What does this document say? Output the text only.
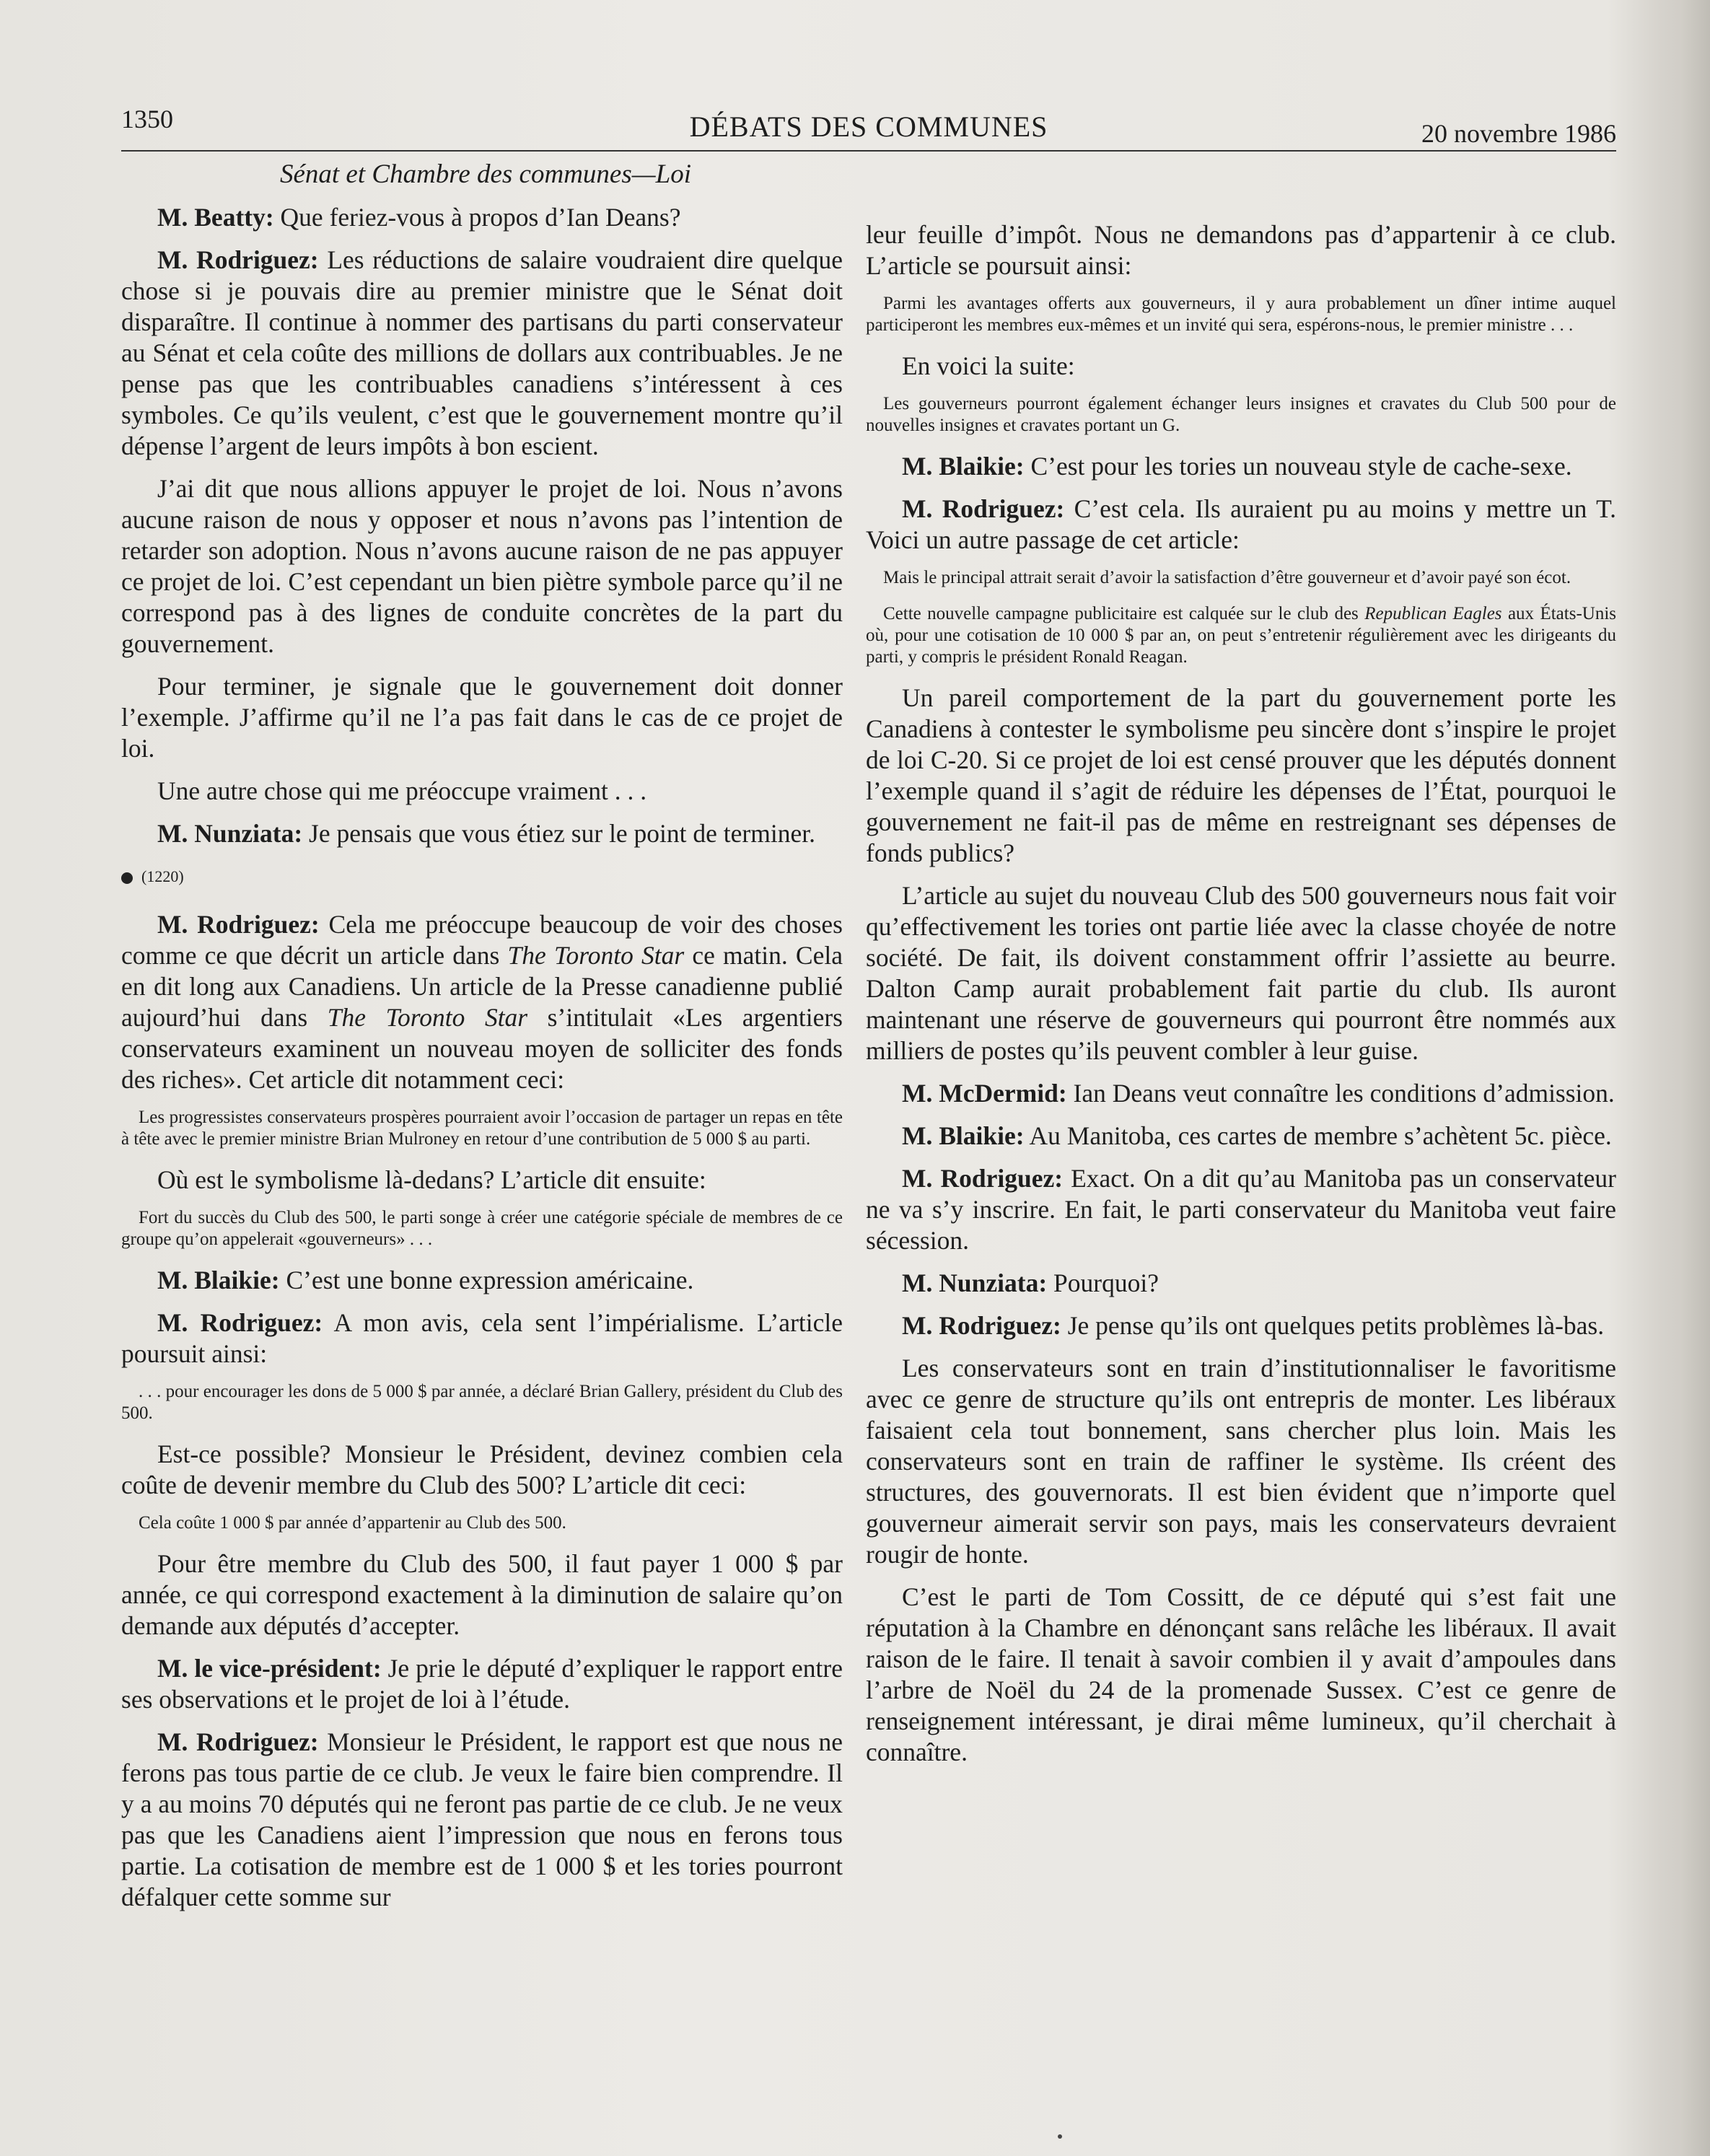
1350	DÉBATS DES COMMUNES	20 novembre 1986
Sénat et Chambre des communes—Loi

M. Beatty: Que feriez-vous à propos d’Ian Deans?

M. Rodriguez: Les réductions de salaire voudraient dire quelque chose si je pouvais dire au premier ministre que le Sénat doit disparaître. Il continue à nommer des partisans du parti conservateur au Sénat et cela coûte des millions de dollars aux contribuables. Je ne pense pas que les contribuables canadiens s’intéressent à ces symboles. Ce qu’ils veulent, c’est que le gouvernement montre qu’il dépense l’argent de leurs impôts à bon escient.

J’ai dit que nous allions appuyer le projet de loi. Nous n’avons aucune raison de nous y opposer et nous n’avons pas l’intention de retarder son adoption. Nous n’avons aucune raison de ne pas appuyer ce projet de loi. C’est cependant un bien piètre symbole parce qu’il ne correspond pas à des lignes de conduite concrètes de la part du gouvernement.

Pour terminer, je signale que le gouvernement doit donner l’exemple. J’affirme qu’il ne l’a pas fait dans le cas de ce projet de loi.

Une autre chose qui me préoccupe vraiment . . .

M. Nunziata: Je pensais que vous étiez sur le point de terminer.

(1220)

M. Rodriguez: Cela me préoccupe beaucoup de voir des choses comme ce que décrit un article dans The Toronto Star ce matin. Cela en dit long aux Canadiens. Un article de la Presse canadienne publié aujourd’hui dans The Toronto Star s’intitulait «Les argentiers conservateurs examinent un nouveau moyen de solliciter des fonds des riches». Cet article dit notamment ceci:

Les progressistes conservateurs prospères pourraient avoir l’occasion de partager un repas en tête à tête avec le premier ministre Brian Mulroney en retour d’une contribution de 5 000 $ au parti.

Où est le symbolisme là-dedans? L’article dit ensuite:

Fort du succès du Club des 500, le parti songe à créer une catégorie spéciale de membres de ce groupe qu’on appelerait «gouverneurs» . . .

M. Blaikie: C’est une bonne expression américaine.

M. Rodriguez: A mon avis, cela sent l’impérialisme. L’article poursuit ainsi:

. . . pour encourager les dons de 5 000 $ par année, a déclaré Brian Gallery, président du Club des 500.

Est-ce possible? Monsieur le Président, devinez combien cela coûte de devenir membre du Club des 500? L’article dit ceci:

Cela coûte 1 000 $ par année d’appartenir au Club des 500.

Pour être membre du Club des 500, il faut payer 1 000 $ par année, ce qui correspond exactement à la diminution de salaire qu’on demande aux députés d’accepter.

M. le vice-président: Je prie le député d’expliquer le rapport entre ses observations et le projet de loi à l’étude.

M. Rodriguez: Monsieur le Président, le rapport est que nous ne ferons pas tous partie de ce club. Je veux le faire bien comprendre. Il y a au moins 70 députés qui ne feront pas partie de ce club. Je ne veux pas que les Canadiens aient l’impression que nous en ferons tous partie. La cotisation de membre est de 1 000 $ et les tories pourront défalquer cette somme sur

leur feuille d’impôt. Nous ne demandons pas d’appartenir à ce club. L’article se poursuit ainsi:

Parmi les avantages offerts aux gouverneurs, il y aura probablement un dîner intime auquel participeront les membres eux-mêmes et un invité qui sera, espérons-nous, le premier ministre . . .

En voici la suite:

Les gouverneurs pourront également échanger leurs insignes et cravates du Club 500 pour de nouvelles insignes et cravates portant un G.

M. Blaikie: C’est pour les tories un nouveau style de cache-sexe.

M. Rodriguez: C’est cela. Ils auraient pu au moins y mettre un T. Voici un autre passage de cet article:

Mais le principal attrait serait d’avoir la satisfaction d’être gouverneur et d’avoir payé son écot.

Cette nouvelle campagne publicitaire est calquée sur le club des Republican Eagles aux États-Unis où, pour une cotisation de 10 000 $ par an, on peut s’entretenir régulièrement avec les dirigeants du parti, y compris le président Ronald Reagan.

Un pareil comportement de la part du gouvernement porte les Canadiens à contester le symbolisme peu sincère dont s’inspire le projet de loi C-20. Si ce projet de loi est censé prouver que les députés donnent l’exemple quand il s’agit de réduire les dépenses de l’État, pourquoi le gouvernement ne fait-il pas de même en restreignant ses dépenses de fonds publics?

L’article au sujet du nouveau Club des 500 gouverneurs nous fait voir qu’effectivement les tories ont partie liée avec la classe choyée de notre société. De fait, ils doivent constamment offrir l’assiette au beurre. Dalton Camp aurait probablement fait partie du club. Ils auront maintenant une réserve de gouverneurs qui pourront être nommés aux milliers de postes qu’ils peuvent combler à leur guise.

M. McDermid: Ian Deans veut connaître les conditions d’admission.

M. Blaikie: Au Manitoba, ces cartes de membre s’achètent 5c. pièce.

M. Rodriguez: Exact. On a dit qu’au Manitoba pas un conservateur ne va s’y inscrire. En fait, le parti conservateur du Manitoba veut faire sécession.

M. Nunziata: Pourquoi?

M. Rodriguez: Je pense qu’ils ont quelques petits problèmes là-bas.

Les conservateurs sont en train d’institutionnaliser le favoritisme avec ce genre de structure qu’ils ont entrepris de monter. Les libéraux faisaient cela tout bonnement, sans chercher plus loin. Mais les conservateurs sont en train de raffiner le système. Ils créent des structures, des gouvernorats. Il est bien évident que n’importe quel gouverneur aimerait servir son pays, mais les conservateurs devraient rougir de honte.

C’est le parti de Tom Cossitt, de ce député qui s’est fait une réputation à la Chambre en dénonçant sans relâche les libéraux. Il avait raison de le faire. Il tenait à savoir combien il y avait d’ampoules dans l’arbre de Noël du 24 de la promenade Sussex. C’est ce genre de renseignement intéressant, je dirai même lumineux, qu’il cherchait à connaître.
